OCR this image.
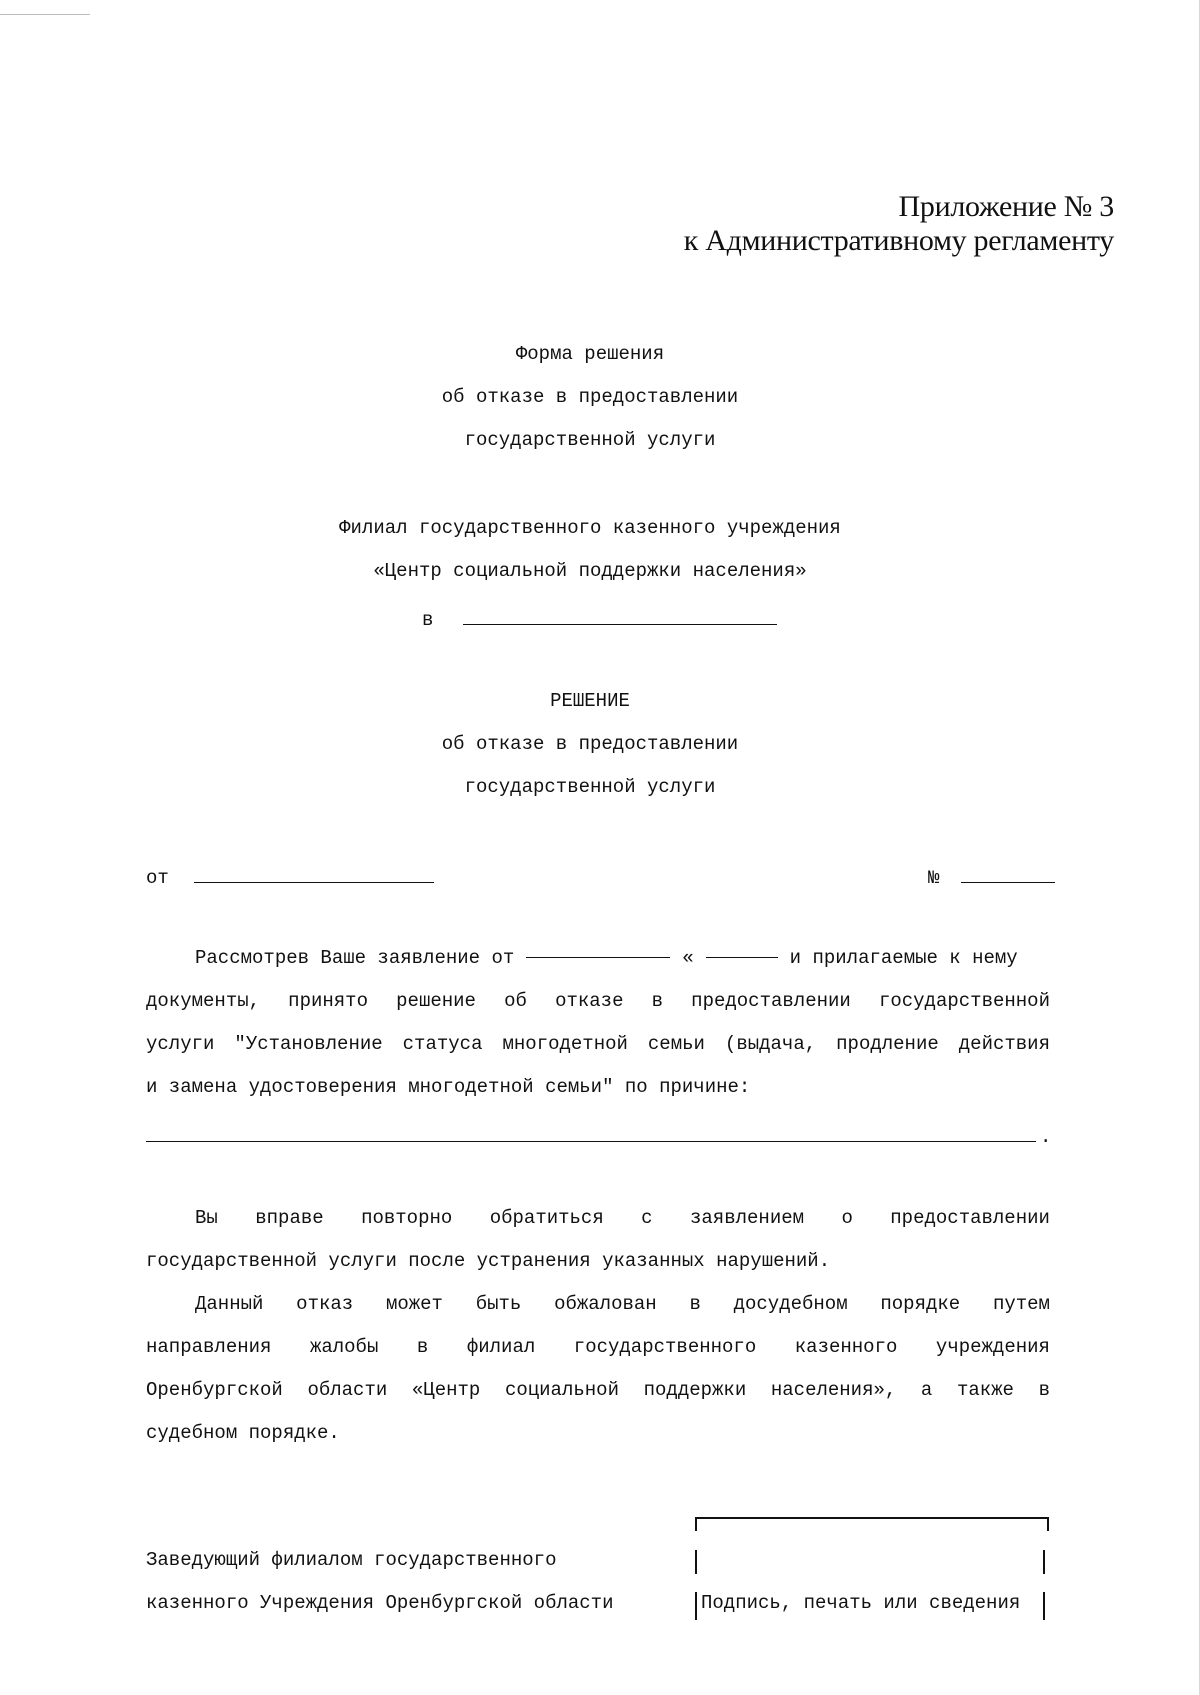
Приложение № 3
к Административному регламенту
Форма решения
об отказе в предоставлении
государственной услуги
Филиал государственного казенного учреждения
«Центр социальной поддержки населения»
в
РЕШЕНИЕ
об отказе в предоставлении
государственной услуги
от	№
Рассмотрев Ваше заявление от	«	и прилагаемые к нему
документы, принято решение об отказе в предоставлении государственной
услуги "Установление статуса многодетной семьи (выдача, продление действия
и замена удостоверения многодетной семьи" по причине:
.
Вы вправе повторно обратиться с заявлением о предоставлении
государственной услуги после устранения указанных нарушений.
Данный отказ может быть обжалован в досудебном порядке путем
направления жалобы в филиал государственного казенного учреждения
Оренбургской области «Центр социальной поддержки населения», а также в
судебном порядке.
Заведующий филиалом государственного
казенного Учреждения Оренбургской области	Подпись, печать или сведения
